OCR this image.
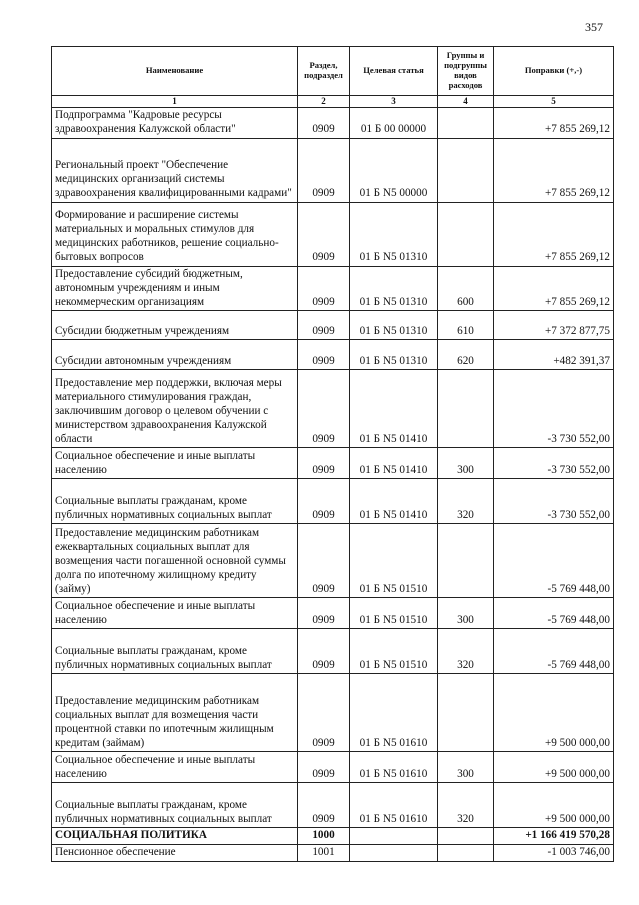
357
Наименование	Раздел, подраздел	Целевая статья	Группы и подгруппы видов расходов	Поправки (+,-)
1	2	3	4	5
Подпрограмма "Кадровые ресурсы здравоохранения Калужской области"	0909	01 Б 00 00000		+7 855 269,12
Региональный проект "Обеспечение медицинских организаций системы здравоохранения квалифицированными кадрами"	0909	01 Б N5 00000		+7 855 269,12
Формирование и расширение системы материальных и моральных стимулов для медицинских работников, решение социально-бытовых вопросов	0909	01 Б N5 01310		+7 855 269,12
Предоставление субсидий бюджетным, автономным учреждениям и иным некоммерческим организациям	0909	01 Б N5 01310	600	+7 855 269,12
Субсидии бюджетным учреждениям	0909	01 Б N5 01310	610	+7 372 877,75
Субсидии автономным учреждениям	0909	01 Б N5 01310	620	+482 391,37
Предоставление мер поддержки, включая меры материального стимулирования граждан, заключившим договор о целевом обучении с министерством здравоохранения Калужской области	0909	01 Б N5 01410		-3 730 552,00
Социальное обеспечение и иные выплаты населению	0909	01 Б N5 01410	300	-3 730 552,00
Социальные выплаты гражданам, кроме публичных нормативных социальных выплат	0909	01 Б N5 01410	320	-3 730 552,00
Предоставление медицинским работникам ежеквартальных социальных выплат для возмещения части погашенной основной суммы долга по ипотечному жилищному кредиту (займу)	0909	01 Б N5 01510		-5 769 448,00
Социальное обеспечение и иные выплаты населению	0909	01 Б N5 01510	300	-5 769 448,00
Социальные выплаты гражданам, кроме публичных нормативных социальных выплат	0909	01 Б N5 01510	320	-5 769 448,00
Предоставление медицинским работникам социальных выплат для возмещения части процентной ставки по ипотечным жилищным кредитам (займам)	0909	01 Б N5 01610		+9 500 000,00
Социальное обеспечение и иные выплаты населению	0909	01 Б N5 01610	300	+9 500 000,00
Социальные выплаты гражданам, кроме публичных нормативных социальных выплат	0909	01 Б N5 01610	320	+9 500 000,00
СОЦИАЛЬНАЯ ПОЛИТИКА	1000			+1 166 419 570,28
Пенсионное обеспечение	1001			-1 003 746,00
